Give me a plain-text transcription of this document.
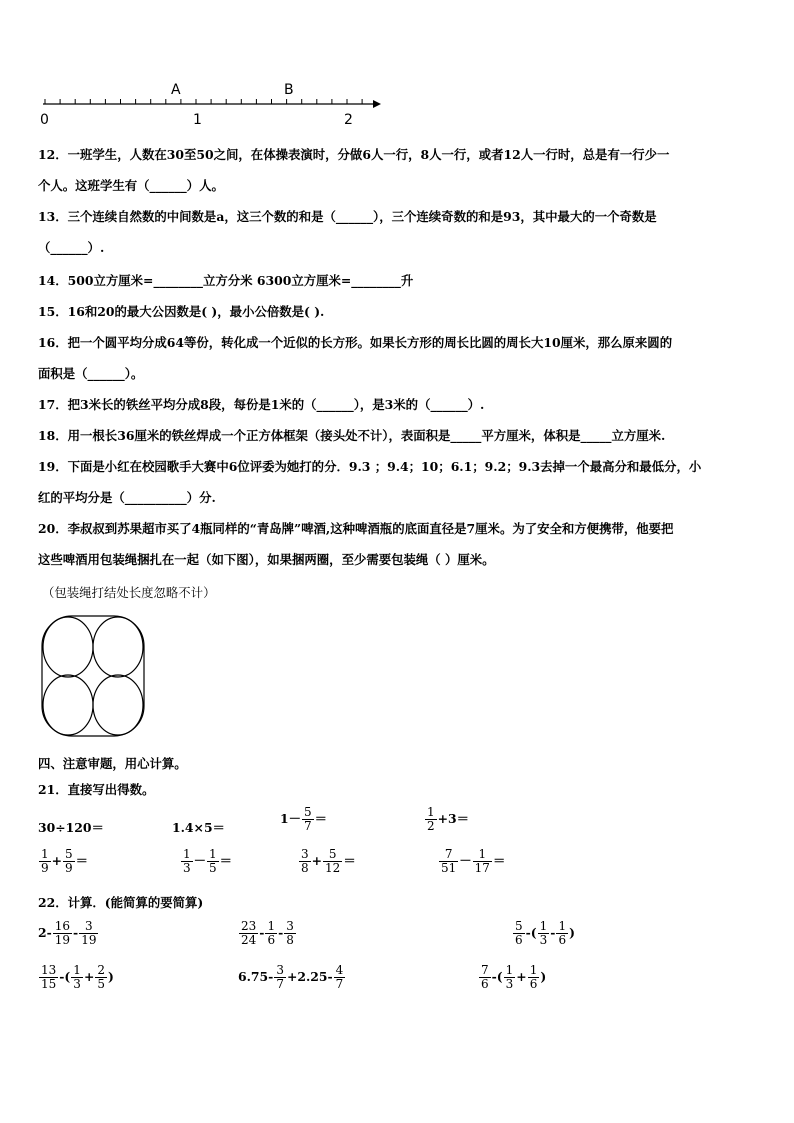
A	B
0	1	2
12．一班学生，人数在30至50之间，在体操表演时，分做6人一行，8人一行，或者12人一行时，总是有一行少一
个人。这班学生有（______）人。
13．三个连续自然数的中间数是a，这三个数的和是（______），三个连续奇数的和是93，其中最大的一个奇数是
（______）.
14．500立方厘米=________立方分米 6300立方厘米=________升
15．16和20的最大公因数是( )，最小公倍数是( ).
16．把一个圆平均分成64等份，转化成一个近似的长方形。如果长方形的周长比圆的周长大10厘米，那么原来圆的
面积是（______）。
17．把3米长的铁丝平均分成8段，每份是1米的（______），是3米的（______）.
18．用一根长36厘米的铁丝焊成一个正方体框架（接头处不计），表面积是_____平方厘米，体积是_____立方厘米.
19．下面是小红在校园歌手大赛中6位评委为她打的分．9.3 ；9.4；10；6.1；9.2；9.3去掉一个最高分和最低分，小
红的平均分是（__________）分.
20．李叔叔到苏果超市买了4瓶同样的“青岛牌”啤酒,这种啤酒瓶的底面直径是7厘米。为了安全和方便携带，他要把
这些啤酒用包装绳捆扎在一起（如下图），如果捆两圈，至少需要包装绳（ ）厘米。
（包装绳打结处长度忽略不计）
四、注意审题，用心计算。
21．直接写出得数。
30÷120＝	1.4×5＝
$1- \frac{5}{7}$ ＝	$\frac{1}{2} +3=$
$\frac{1}{9} + \frac{5}{9}$ ＝	$\frac{1}{3} - \frac{1}{5}$ ＝	$\frac{3}{8} + \frac{5}{12}$ ＝	$\frac{7}{51} - \frac{1}{17}$ ＝
22．计算．(能简算的要简算)
$2- \frac{16}{19} - \frac{3}{19}$	$\frac{23}{24} - \frac{1}{6} - \frac{3}{8}$	$\frac{5}{6}$ -( $\frac{1}{3} - \frac{1}{6}$ )
$\frac{13}{15}$ -( $\frac{1}{3} + \frac{2}{5}$ )	$6.75- \frac{3}{7} +2.25- \frac{4}{7}$	$\frac{7}{6}$ -( $\frac{1}{3} + \frac{1}{6}$ )
